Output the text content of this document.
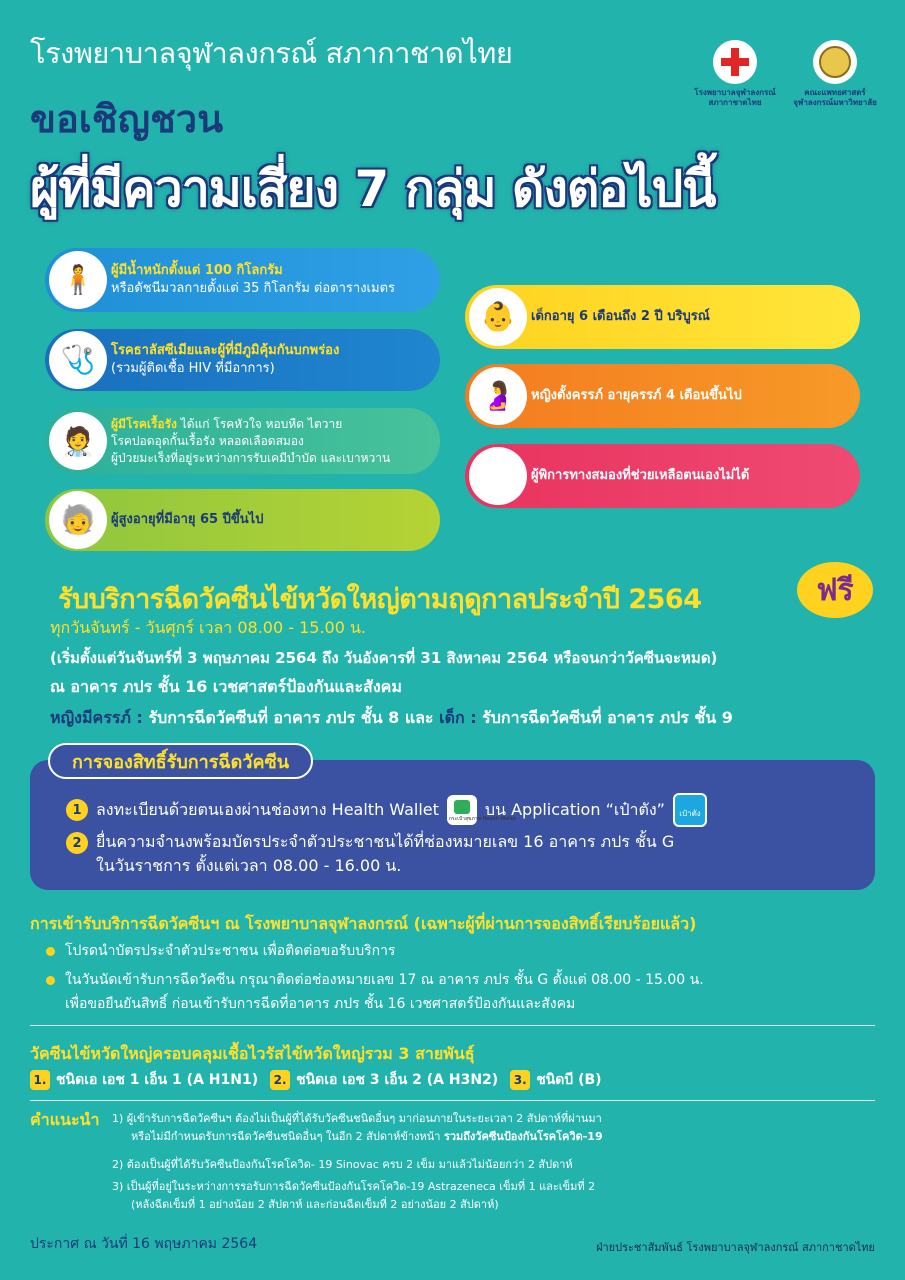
โรงพยาบาลจุฬาลงกรณ์ สภากาชาดไทย
ขอเชิญชวน
ผู้ที่มีความเสี่ยง 7 กลุ่ม ดังต่อไปนี้
โรงพยาบาลจุฬาลงกรณ์
สภากาชาดไทย
คณะแพทยศาสตร์
จุฬาลงกรณ์มหาวิทยาลัย
🧍	ผู้มีน้ำหนักตั้งแต่ 100 กิโลกรัม
หรือดัชนีมวลกายตั้งแต่ 35 กิโลกรัม ต่อตารางเมตร
🩺	โรคธาลัสซีเมียและผู้ที่มีภูมิคุ้มกันบกพร่อง
(รวมผู้ติดเชื้อ HIV ที่มีอาการ)
🧑‍⚕️
ผู้มีโรคเรื้อรัง ได้แก่ โรคหัวใจ หอบหืด ไตวาย
โรคปอดอุดกั้นเรื้อรัง หลอดเลือดสมอง
ผู้ป่วยมะเร็งที่อยู่ระหว่างการรับเคมีบำบัด และเบาหวาน
🧓	ผู้สูงอายุที่มีอายุ 65 ปีขึ้นไป
👶	เด็กอายุ 6 เดือนถึง 2 ปี บริบูรณ์
🤰	หญิงตั้งครรภ์ อายุครรภ์ 4 เดือนขึ้นไป
♿	ผู้พิการทางสมองที่ช่วยเหลือตนเองไม่ได้
รับบริการฉีดวัคซีนไข้หวัดใหญ่ตามฤดูกาลประจำปี 2564	ฟรี
ทุกวันจันทร์ - วันศุกร์ เวลา 08.00 - 15.00 น.
(เริ่มตั้งแต่วันจันทร์ที่ 3 พฤษภาคม 2564 ถึง วันอังคารที่ 31 สิงหาคม 2564 หรือจนกว่าวัคซีนจะหมด)
ณ อาคาร ภปร ชั้น 16 เวชศาสตร์ป้องกันและสังคม
หญิงมีครรภ์ : รับการฉีดวัคซีนที่ อาคาร ภปร ชั้น 8 และ เด็ก : รับการฉีดวัคซีนที่ อาคาร ภปร ชั้น 9
การจองสิทธิ์รับการฉีดวัคซีน
1 ลงทะเบียนด้วยตนเองผ่านช่องทาง Health Wallet
กระเป๋าสุขภาพ Health Wallet
บน Application “เป๋าตัง”	เป๋าตัง
2 ยื่นความจำนงพร้อมบัตรประจำตัวประชาชนได้ที่ช่องหมายเลข 16 อาคาร ภปร ชั้น G
ในวันราชการ ตั้งแต่เวลา 08.00 - 16.00 น.
การเข้ารับบริการฉีดวัคซีนฯ ณ โรงพยาบาลจุฬาลงกรณ์ (เฉพาะผู้ที่ผ่านการจองสิทธิ์เรียบร้อยแล้ว)
โปรดนำบัตรประจำตัวประชาชน เพื่อติดต่อขอรับบริการ
ในวันนัดเข้ารับการฉีดวัคซีน กรุณาติดต่อช่องหมายเลข 17 ณ อาคาร ภปร ชั้น G ตั้งแต่ 08.00 - 15.00 น.
เพื่อขอยืนยันสิทธิ์ ก่อนเข้ารับการฉีดที่อาคาร ภปร ชั้น 16 เวชศาสตร์ป้องกันและสังคม
วัคซีนไข้หวัดใหญ่ครอบคลุมเชื้อไวรัสไข้หวัดใหญ่รวม 3 สายพันธุ์
1. ชนิดเอ เอช 1 เอ็น 1 (A H1N1) 2. ชนิดเอ เอช 3 เอ็น 2 (A H3N2) 3. ชนิดบี (B)
คำแนะนำ 1) ผู้เข้ารับการฉีดวัคซีนฯ ต้องไม่เป็นผู้ที่ได้รับวัคซีนชนิดอื่นๆ มาก่อนภายในระยะเวลา 2 สัปดาห์ที่ผ่านมา
หรือไม่มีกำหนดรับการฉีดวัคซีนชนิดอื่นๆ ในอีก 2 สัปดาห์ข้างหน้า รวมถึงวัคซีนป้องกันโรคโควิด-19
2) ต้องเป็นผู้ที่ได้รับวัคซีนป้องกันโรคโควิด- 19 Sinovac ครบ 2 เข็ม มาแล้วไม่น้อยกว่า 2 สัปดาห์
3) เป็นผู้ที่อยู่ในระหว่างการรอรับการฉีดวัคซีนป้องกันโรคโควิด-19 Astrazeneca เข็มที่ 1 และเข็มที่ 2
(หลังฉีดเข็มที่ 1 อย่างน้อย 2 สัปดาห์ และก่อนฉีดเข็มที่ 2 อย่างน้อย 2 สัปดาห์)
ประกาศ ณ วันที่ 16 พฤษภาคม 2564	ฝ่ายประชาสัมพันธ์ โรงพยาบาลจุฬาลงกรณ์ สภากาชาดไทย
